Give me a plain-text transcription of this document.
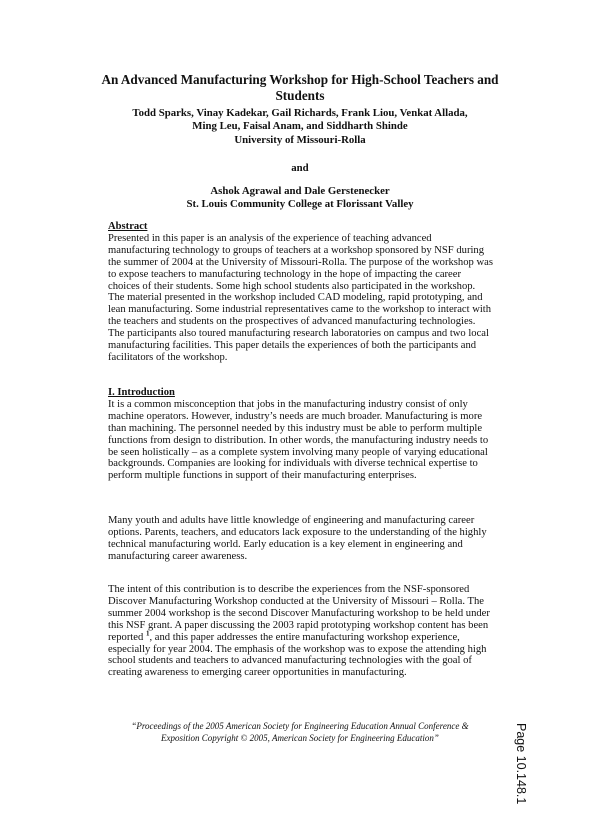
An Advanced Manufacturing Workshop for High-School Teachers and Students
Todd Sparks, Vinay Kadekar, Gail Richards, Frank Liou, Venkat Allada,
Ming Leu, Faisal Anam, and Siddharth Shinde
University of Missouri-Rolla
and
Ashok Agrawal and Dale Gerstenecker
St. Louis Community College at Florissant Valley

Abstract

Presented in this paper is an analysis of the experience of teaching advanced manufacturing technology to groups of teachers at a workshop sponsored by NSF during the summer of 2004 at the University of Missouri-Rolla. The purpose of the workshop was to expose teachers to manufacturing technology in the hope of impacting the career choices of their students. Some high school students also participated in the workshop. The material presented in the workshop included CAD modeling, rapid prototyping, and lean manufacturing. Some industrial representatives came to the workshop to interact with the teachers and students on the prospectives of advanced manufacturing technologies. The participants also toured manufacturing research laboratories on campus and two local manufacturing facilities. This paper details the experiences of both the participants and facilitators of the workshop.

I. Introduction

It is a common misconception that jobs in the manufacturing industry consist of only machine operators. However, industry’s needs are much broader. Manufacturing is more than machining. The personnel needed by this industry must be able to perform multiple functions from design to distribution. In other words, the manufacturing industry needs to be seen holistically – as a complete system involving many people of varying educational backgrounds. Companies are looking for individuals with diverse technical expertise to perform multiple functions in support of their manufacturing enterprises.

Many youth and adults have little knowledge of engineering and manufacturing career options. Parents, teachers, and educators lack exposure to the understanding of the highly technical manufacturing world. Early education is a key element in engineering and manufacturing career awareness.

The intent of this contribution is to describe the experiences from the NSF-sponsored Discover Manufacturing Workshop conducted at the University of Missouri – Rolla. The summer 2004 workshop is the second Discover Manufacturing workshop to be held under this NSF grant. A paper discussing the 2003 rapid prototyping workshop content has been reported $^1$, and this paper addresses the entire manufacturing workshop experience, especially for year 2004. The emphasis of the workshop was to expose the attending high school students and teachers to advanced manufacturing technologies with the goal of creating awareness to emerging career opportunities in manufacturing.

“Proceedings of the 2005 American Society for Engineering Education Annual Conference &
Exposition Copyright © 2005, American Society for Engineering Education”	Page 10.148.1
